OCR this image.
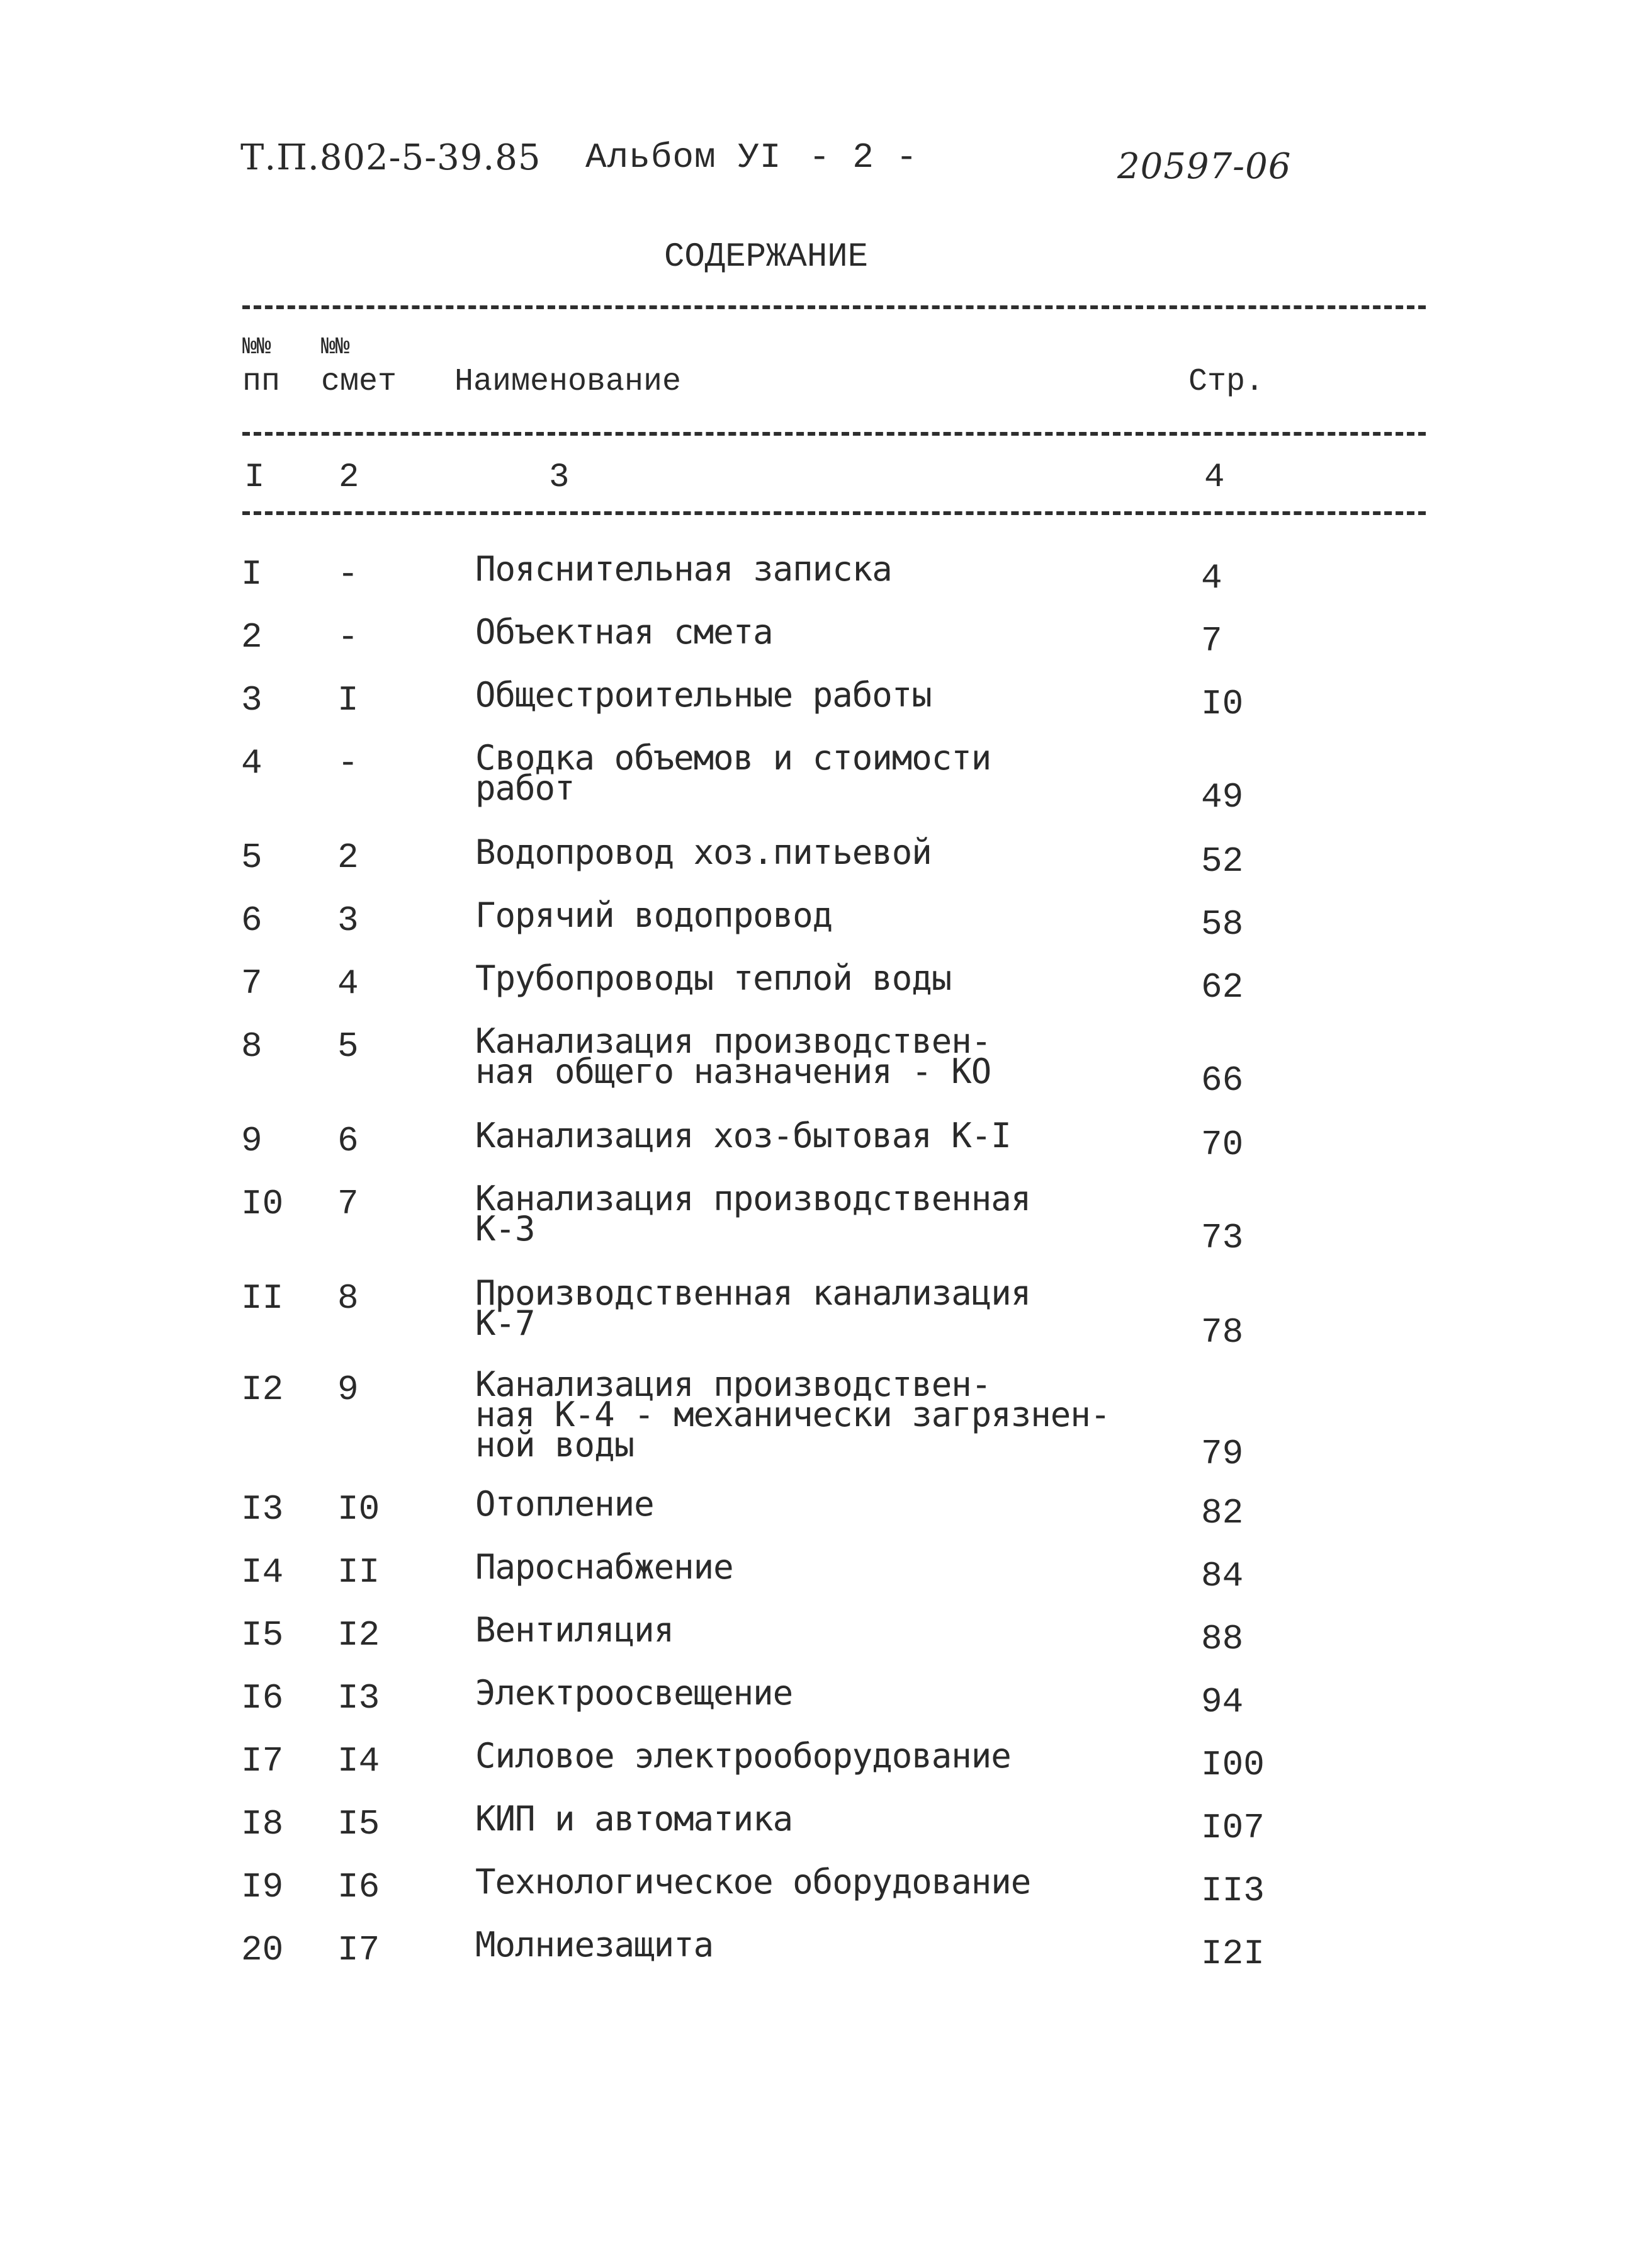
Т.П.802-5-39.85 Альбом УI - 2 -	20597-06
СОДЕРЖАНИЕ
№№ №№
пп смет Наименование	Стр.
I 2	3	4
I -	Пояснительная записка	4
2 -	Объектная смета	7
3 I	Общестроительные работы	I0
4 -	Сводка объемов и стоимости
работ	49
5 2	Водопровод хоз.питьевой	52
6 3	Горячий водопровод	58
7 4	Трубопроводы теплой воды	62
8 5	Канализация производствен-
ная общего назначения - КО	66
9 6	Канализация хоз-бытовая К-I	70
I0 7	Канализация производственная
К-3	73
II 8	Производственная канализация
К-7	78
I2 9	Канализация производствен-
ная К-4 - механически загрязнен-
ной воды	79
I3 I0	Отопление	82
I4 II	Пароснабжение	84
I5 I2	Вентиляция	88
I6 I3	Электроосвещение	94
I7 I4	Силовое электрооборудование	I00
I8 I5	КИП и автоматика	I07
I9 I6	Технологическое оборудование	II3
20 I7	Молниезащита	I2I
